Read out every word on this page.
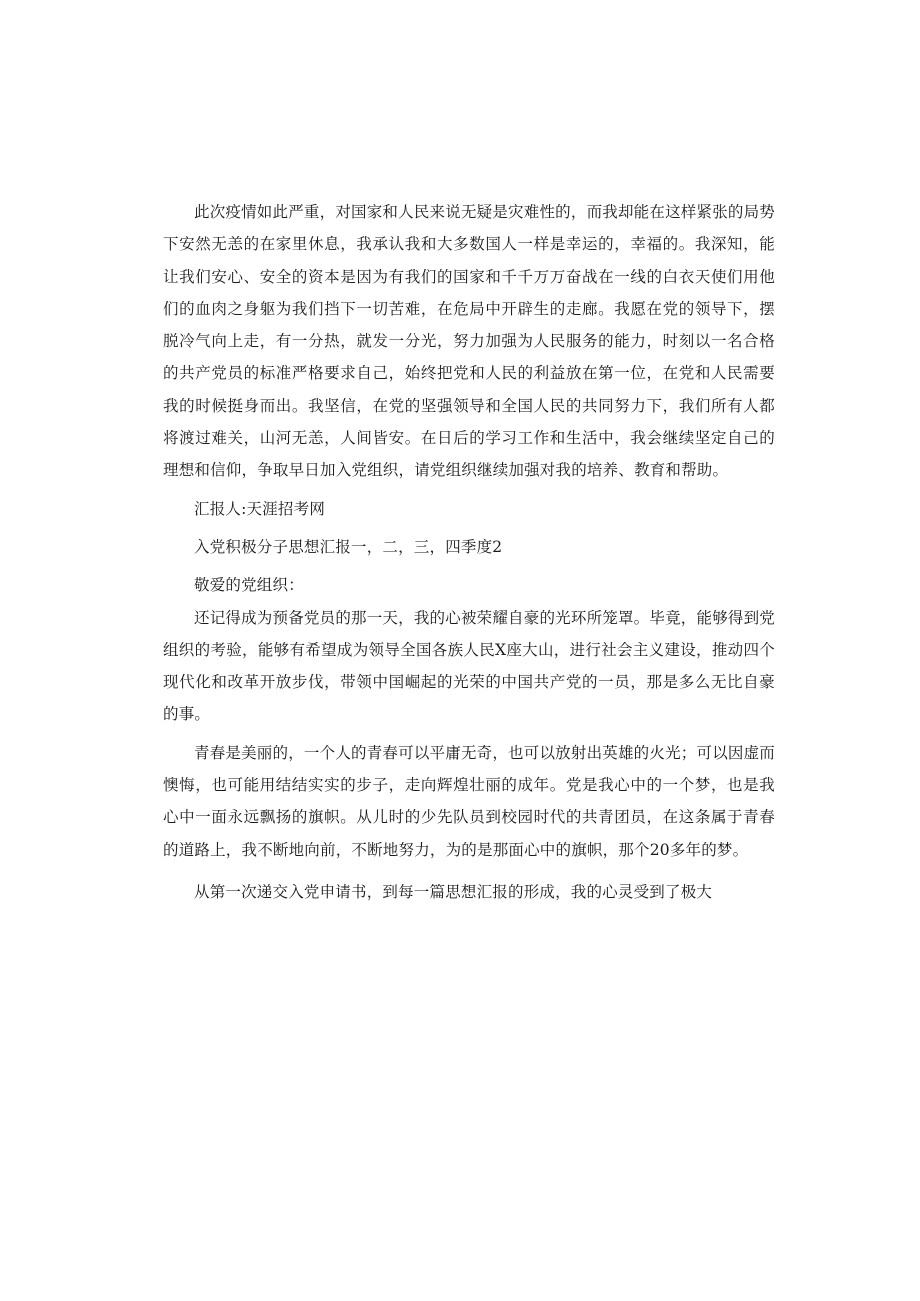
此次疫情如此严重，对国家和人民来说无疑是灾难性的，而我却能在这样紧张的局势下安然无恙的在家里休息，我承认我和大多数国人一样是幸运的，幸福的。我深知，能让我们安心、安全的资本是因为有我们的国家和千千万万奋战在一线的白衣天使们用他们的血肉之身躯为我们挡下一切苦难，在危局中开辟生的走廊。我愿在党的领导下，摆脱冷气向上走，有一分热，就发一分光，努力加强为人民服务的能力，时刻以一名合格的共产党员的标准严格要求自己，始终把党和人民的利益放在第一位，在党和人民需要我的时候挺身而出。我坚信，在党的坚强领导和全国人民的共同努力下，我们所有人都将渡过难关，山河无恙，人间皆安。在日后的学习工作和生活中，我会继续坚定自己的理想和信仰，争取早日加入党组织，请党组织继续加强对我的培养、教育和帮助。

汇报人:天涯招考网

入党积极分子思想汇报一，二，三，四季度2

敬爱的党组织：

还记得成为预备党员的那一天，我的心被荣耀自豪的光环所笼罩。毕竟，能够得到党组织的考验，能够有希望成为领导全国各族人民X座大山，进行社会主义建设，推动四个现代化和改革开放步伐，带领中国崛起的光荣的中国共产党的一员，那是多么无比自豪的事。

青春是美丽的，一个人的青春可以平庸无奇，也可以放射出英雄的火光；可以因虚而懊悔，也可能用结结实实的步子，走向辉煌壮丽的成年。党是我心中的一个梦，也是我心中一面永远飘扬的旗帜。从儿时的少先队员到校园时代的共青团员，在这条属于青春的道路上，我不断地向前，不断地努力，为的是那面心中的旗帜，那个20多年的梦。

从第一次递交入党申请书，到每一篇思想汇报的形成，我的心灵受到了极大
